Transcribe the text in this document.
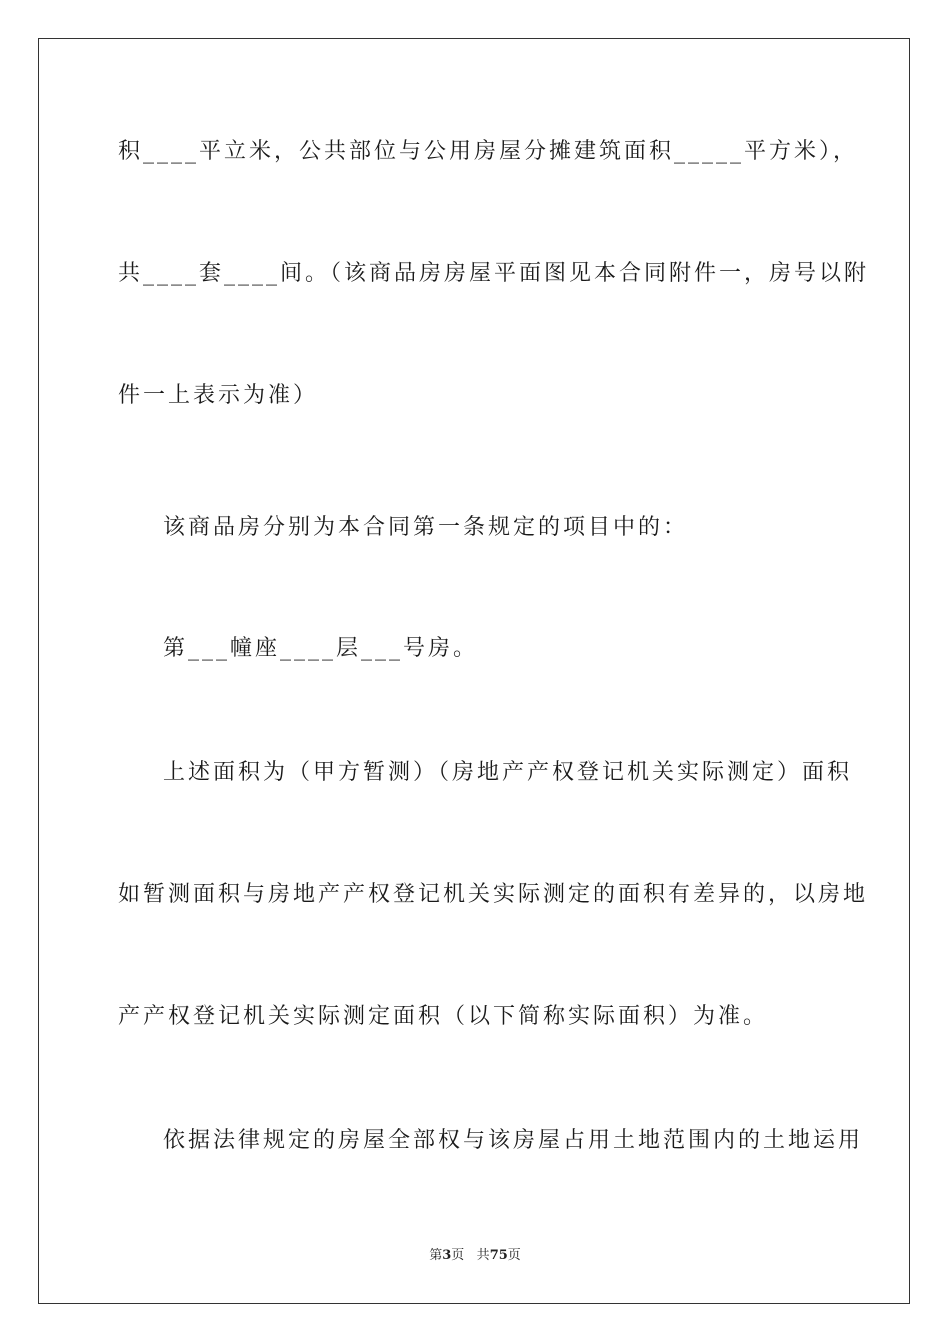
积____平立米，公共部位与公用房屋分摊建筑面积_____平方米），
共____套____间。（该商品房房屋平面图见本合同附件一，房号以附
件一上表示为准）
该商品房分别为本合同第一条规定的项目中的：
第___幢座____层___号房。
上述面积为（甲方暂测）（房地产产权登记机关实际测定）面积
如暂测面积与房地产产权登记机关实际测定的面积有差异的，以房地
产产权登记机关实际测定面积（以下简称实际面积）为准。
依据法律规定的房屋全部权与该房屋占用土地范围内的土地运用
第3页 共75页
